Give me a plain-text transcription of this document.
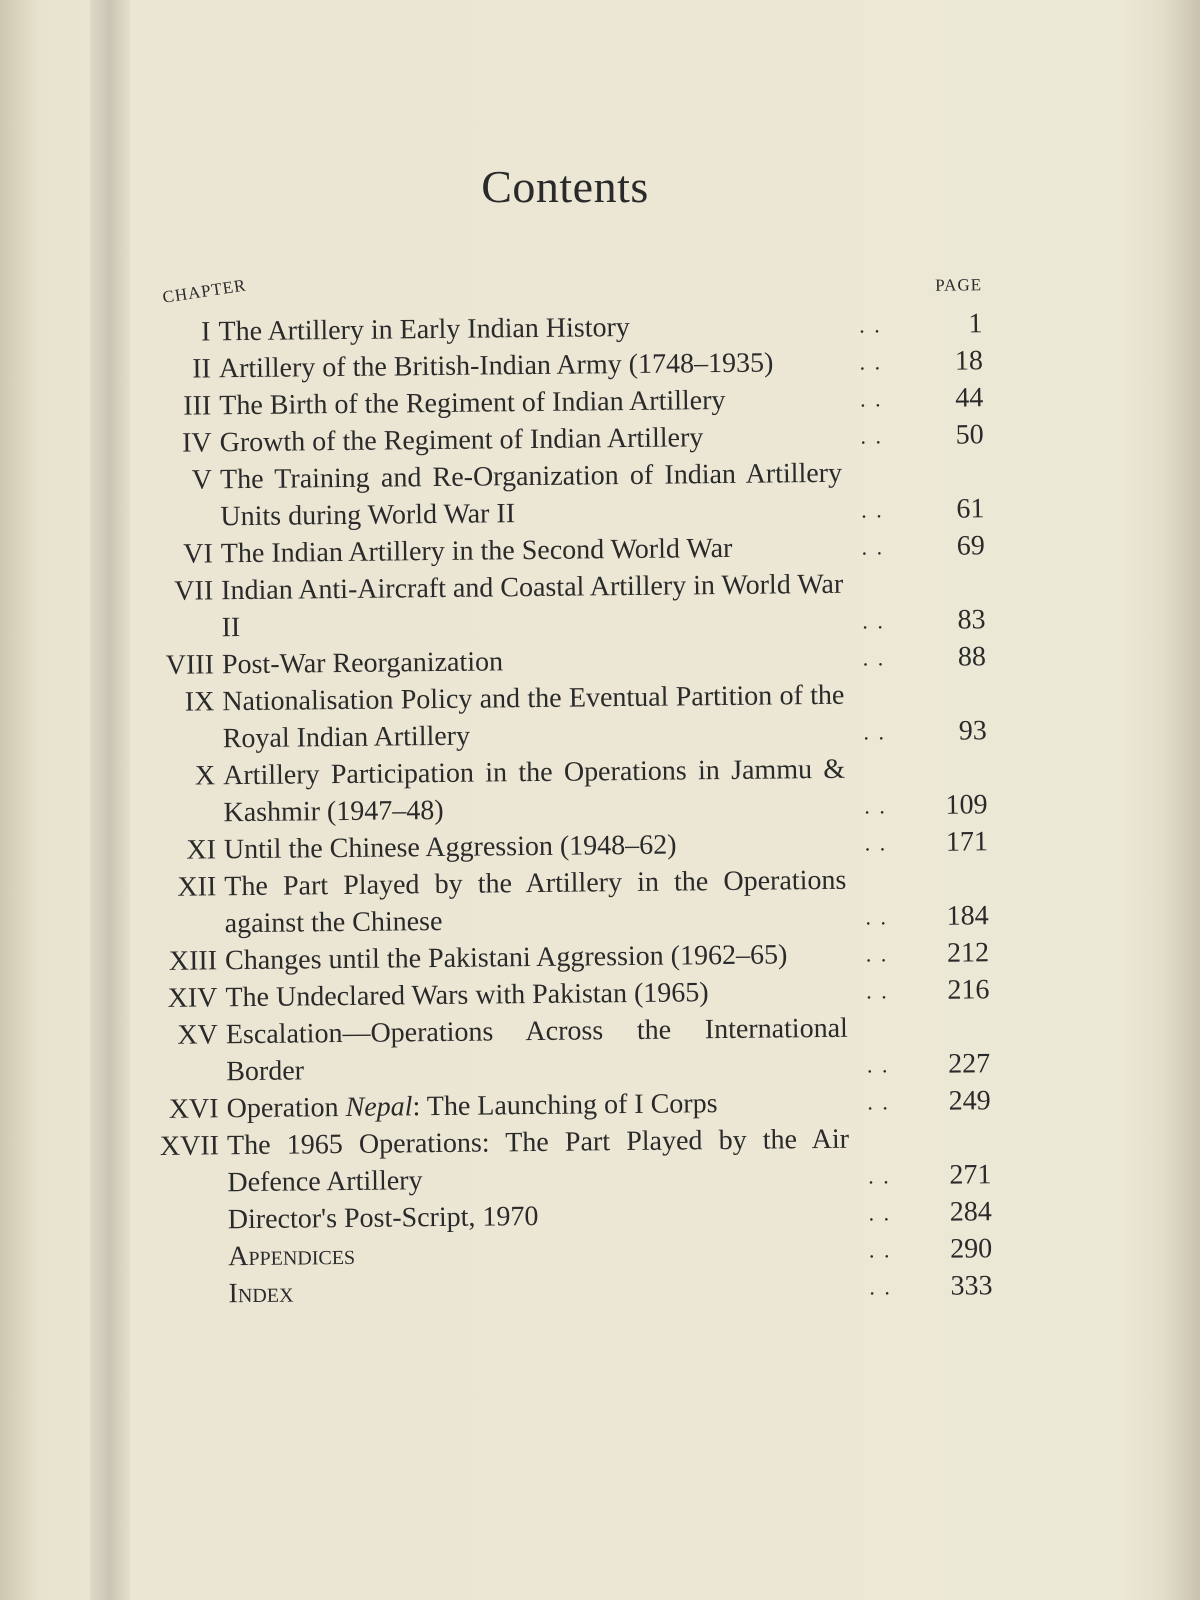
Contents
CHAPTER	PAGE
I The Artillery in Early Indian History	. .	1
II Artillery of the British-Indian Army (1748–1935)	. .	18
III The Birth of the Regiment of Indian Artillery	. .	44
IV Growth of the Regiment of Indian Artillery	. .	50
V The Training and Re-Organization of Indian Artillery Units during World War II	. .	61
VI The Indian Artillery in the Second World War	. .	69
VII Indian Anti-Aircraft and Coastal Artillery in World War II	. .	83
VIII Post-War Reorganization	. .	88
IX Nationalisation Policy and the Eventual Partition of the Royal Indian Artillery	. .	93
X Artillery Participation in the Operations in Jammu & Kashmir (1947–48)	. .	109
XI Until the Chinese Aggression (1948–62)	. .	171
XII The Part Played by the Artillery in the Operations against the Chinese	. .	184
XIII Changes until the Pakistani Aggression (1962–65)	. .	212
XIV The Undeclared Wars with Pakistan (1965)	. .	216
XV Escalation—Operations Across the International Border	. .	227
XVI Operation Nepal: The Launching of I Corps	. .	249
XVII The 1965 Operations: The Part Played by the Air Defence Artillery	. .	271
Director's Post-Script, 1970	. .	284
Appendices	. .	290
Index	. .	333
